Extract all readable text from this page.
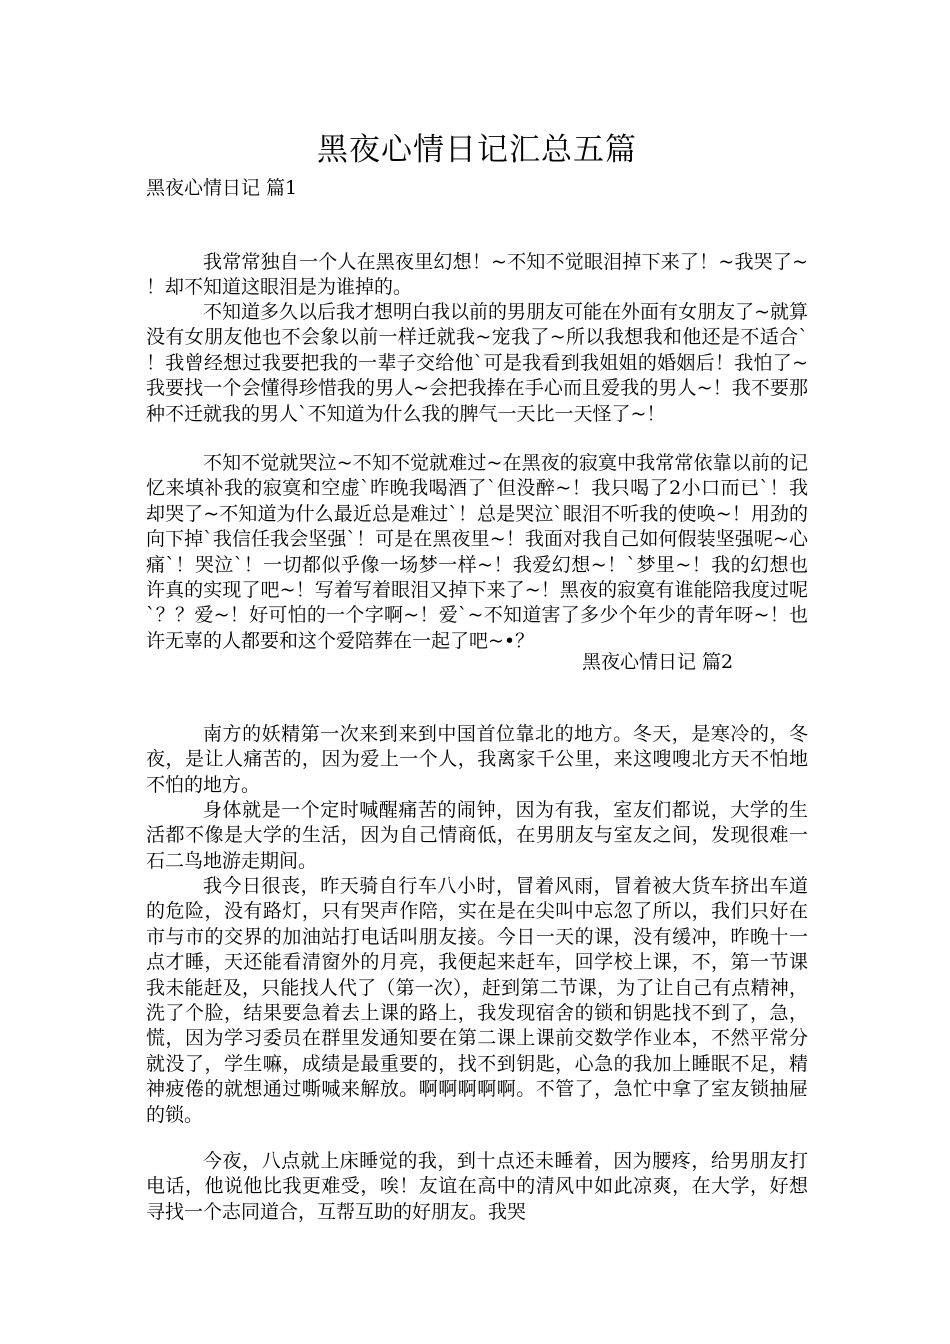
黑夜心情日记汇总五篇
黑夜心情日记 篇1

我常常独自一个人在黑夜里幻想！~不知不觉眼泪掉下来了！~我哭了~！却不知道这眼泪是为谁掉的。

不知道多久以后我才想明白我以前的男朋友可能在外面有女朋友了~就算没有女朋友他也不会象以前一样迁就我~宠我了~所以我想我和他还是不适合`！我曾经想过我要把我的一辈子交给他`可是我看到我姐姐的婚姻后！我怕了~我要找一个会懂得珍惜我的男人~会把我捧在手心而且爱我的男人~！我不要那种不迁就我的男人`不知道为什么我的脾气一天比一天怪了~！

不知不觉就哭泣~不知不觉就难过~在黑夜的寂寞中我常常依靠以前的记忆来填补我的寂寞和空虚`昨晚我喝酒了`但没醉~！我只喝了2小口而已`！我却哭了~不知道为什么最近总是难过`！总是哭泣`眼泪不听我的使唤~！用劲的向下掉`我信任我会坚强`！可是在黑夜里~！我面对我自己如何假装坚强呢~心痛`！哭泣`！一切都似乎像一场梦一样~！我爱幻想~！`梦里~！我的幻想也许真的实现了吧~！写着写着眼泪又掉下来了~！黑夜的寂寞有谁能陪我度过呢`？？爱~！好可怕的一个字啊~！爱`~不知道害了多少个年少的青年呀~！也许无辜的人都要和这个爱陪葬在一起了吧~•？

黑夜心情日记 篇2

南方的妖精第一次来到来到中国首位靠北的地方。冬天，是寒冷的，冬夜，是让人痛苦的，因为爱上一个人，我离家千公里，来这嗖嗖北方天不怕地不怕的地方。

身体就是一个定时喊醒痛苦的闹钟，因为有我，室友们都说，大学的生活都不像是大学的生活，因为自己情商低，在男朋友与室友之间，发现很难一石二鸟地游走期间。

我今日很丧，昨天骑自行车八小时，冒着风雨，冒着被大货车挤出车道的危险，没有路灯，只有哭声作陪，实在是在尖叫中忘忽了所以，我们只好在市与市的交界的加油站打电话叫朋友接。今日一天的课，没有缓冲，昨晚十一点才睡，天还能看清窗外的月亮，我便起来赶车，回学校上课，不，第一节课我未能赶及，只能找人代了（第一次），赶到第二节课，为了让自己有点精神，洗了个脸，结果要急着去上课的路上，我发现宿舍的锁和钥匙找不到了，急，慌，因为学习委员在群里发通知要在第二课上课前交数学作业本，不然平常分就没了，学生嘛，成绩是最重要的，找不到钥匙，心急的我加上睡眠不足，精神疲倦的就想通过嘶喊来解放。啊啊啊啊啊。不管了，急忙中拿了室友锁抽屉的锁。

今夜，八点就上床睡觉的我，到十点还未睡着，因为腰疼，给男朋友打电话，他说他比我更难受，唉！友谊在高中的清风中如此凉爽，在大学，好想寻找一个志同道合，互帮互助的好朋友。我哭
